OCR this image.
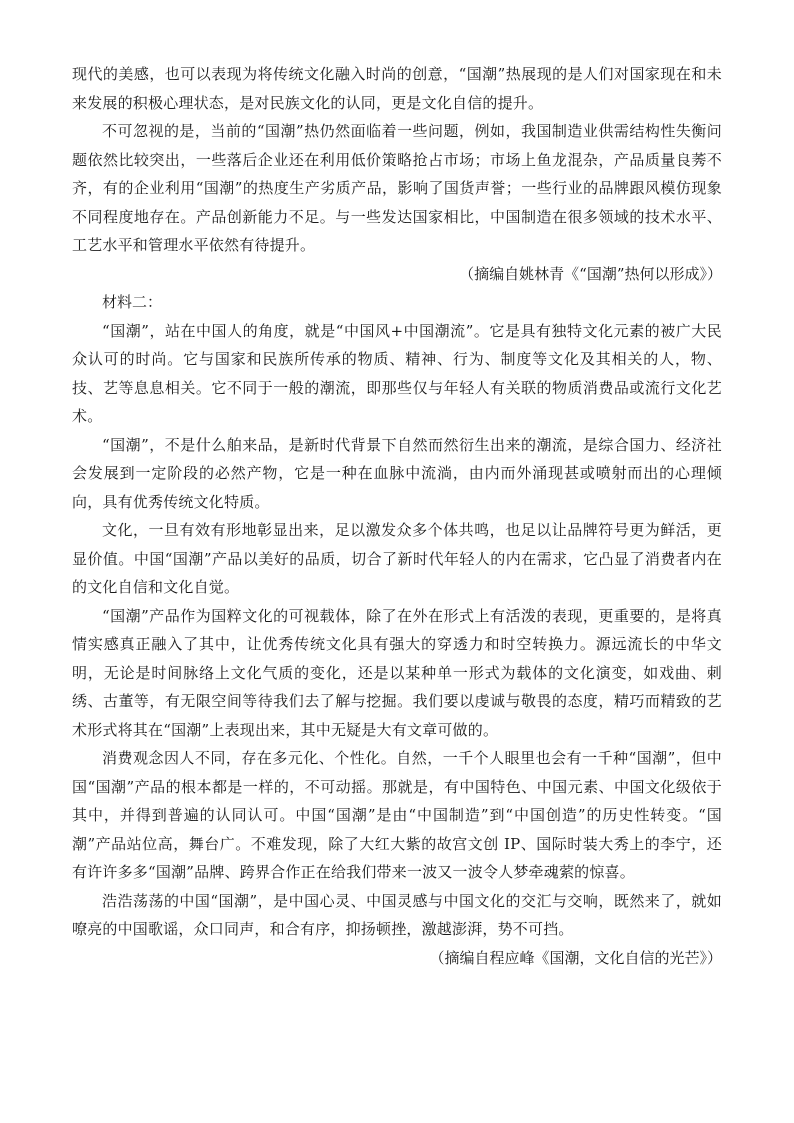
现代的美感，也可以表现为将传统文化融入时尚的创意，“国潮”热展现的是人们对国家现在和未来发展的积极心理状态，是对民族文化的认同，更是文化自信的提升。

不可忽视的是，当前的“国潮”热仍然面临着一些问题，例如，我国制造业供需结构性失衡问题依然比较突出，一些落后企业还在利用低价策略抢占市场；市场上鱼龙混杂，产品质量良莠不齐，有的企业利用“国潮”的热度生产劣质产品，影响了国货声誉；一些行业的品牌跟风模仿现象不同程度地存在。产品创新能力不足。与一些发达国家相比，中国制造在很多领域的技术水平、工艺水平和管理水平依然有待提升。

（摘编自姚林青《“国潮”热何以形成》）

材料二：

“国潮”，站在中国人的角度，就是“中国风+中国潮流”。它是具有独特文化元素的被广大民众认可的时尚。它与国家和民族所传承的物质、精神、行为、制度等文化及其相关的人，物、技、艺等息息相关。它不同于一般的潮流，即那些仅与年轻人有关联的物质消费品或流行文化艺术。

“国潮”，不是什么舶来品，是新时代背景下自然而然衍生出来的潮流，是综合国力、经济社会发展到一定阶段的必然产物，它是一种在血脉中流淌，由内而外涌现甚或喷射而出的心理倾向，具有优秀传统文化特质。

文化，一旦有效有形地彰显出来，足以激发众多个体共鸣，也足以让品牌符号更为鲜活，更显价值。中国“国潮”产品以美好的品质，切合了新时代年轻人的内在需求，它凸显了消费者内在的文化自信和文化自觉。

“国潮”产品作为国粹文化的可视载体，除了在外在形式上有活泼的表现，更重要的，是将真情实感真正融入了其中，让优秀传统文化具有强大的穿透力和时空转换力。源远流长的中华文明，无论是时间脉络上文化气质的变化，还是以某种单一形式为载体的文化演变，如戏曲、刺绣、古董等，有无限空间等待我们去了解与挖掘。我们要以虔诚与敬畏的态度，精巧而精致的艺术形式将其在“国潮”上表现出来，其中无疑是大有文章可做的。

消费观念因人不同，存在多元化、个性化。自然，一千个人眼里也会有一千种“国潮”，但中国“国潮”产品的根本都是一样的，不可动摇。那就是，有中国特色、中国元素、中国文化级依于其中，并得到普遍的认同认可。中国“国潮”是由“中国制造”到“中国创造”的历史性转变。“国潮”产品站位高，舞台广。不难发现，除了大红大紫的故宫文创 IP、国际时装大秀上的李宁，还有许许多多“国潮”品牌、跨界合作正在给我们带来一波又一波令人梦牵魂萦的惊喜。

浩浩荡荡的中国“国潮”，是中国心灵、中国灵感与中国文化的交汇与交响，既然来了，就如嘹亮的中国歌谣，众口同声，和合有序，抑扬顿挫，激越澎湃，势不可挡。

（摘编自程应峰《国潮，文化自信的光芒》）
